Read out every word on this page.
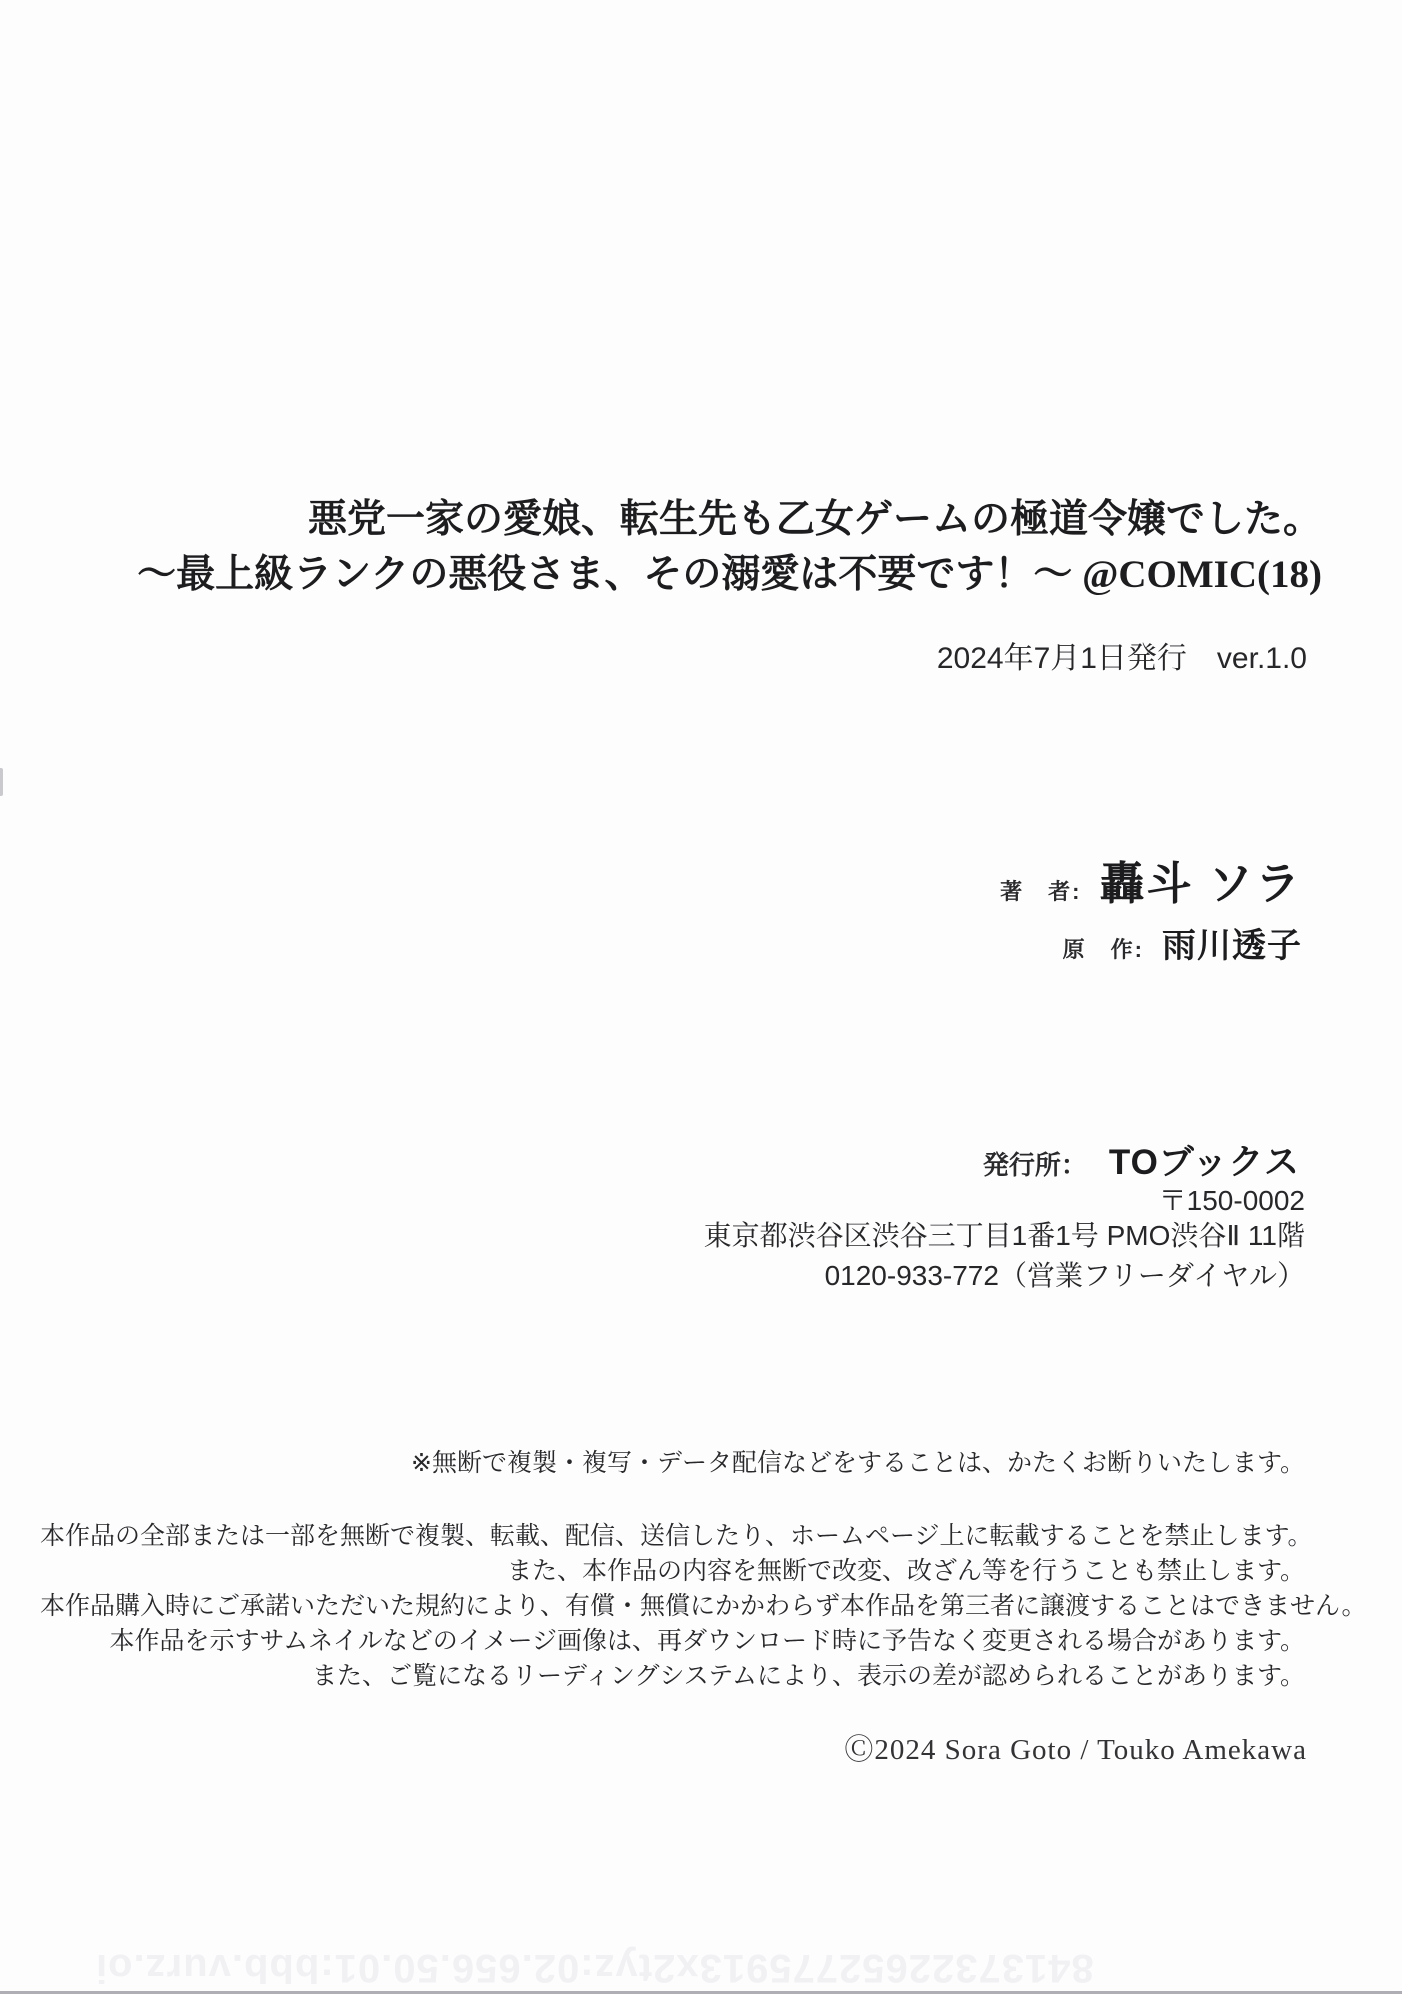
悪党一家の愛娘、転生先も乙女ゲームの極道令嬢でした。
～最上級ランクの悪役さま、その溺愛は不要です！～ @COMIC(18)
2024年7月1日発行　ver.1.0
著　者: 轟斗 ソラ
原　作: 雨川透子
発行所： TOブックス
〒150-0002
東京都渋谷区渋谷三丁目1番1号 PMO渋谷Ⅱ 11階
0120-933-772（営業フリーダイヤル）
※無断で複製・複写・データ配信などをすることは、かたくお断りいたします。
本作品の全部または一部を無断で複製、転載、配信、送信したり、ホームページ上に転載することを禁止します。
また、本作品の内容を無断で改変、改ざん等を行うことも禁止します。
本作品購入時にご承諾いただいた規約により、有償・無償にかかわらず本作品を第三者に譲渡することはできません。
本作品を示すサムネイルなどのイメージ画像は、再ダウンロード時に予告なく変更される場合があります。
また、ご覧になるリーディングシステムにより、表示の差が認められることがあります。
Ⓒ2024 Sora Goto / Touko Amekawa
84137322652775913x2tyz:02.656.50.01:bbb.vurz.oi
